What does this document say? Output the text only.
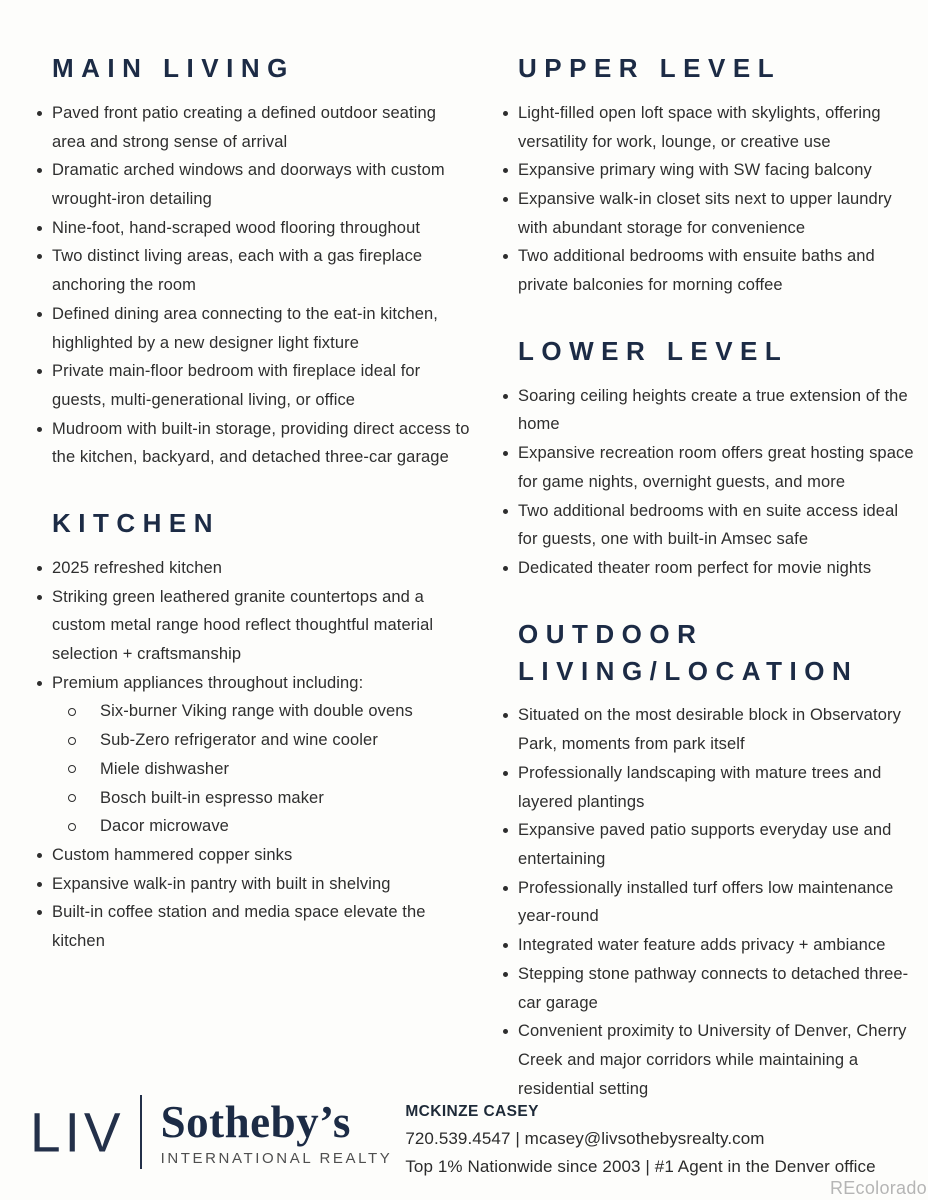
MAIN LIVING
Paved front patio creating a defined outdoor seating area and strong sense of arrival
Dramatic arched windows and doorways with custom wrought-iron detailing
Nine-foot, hand-scraped wood flooring throughout
Two distinct living areas, each with a gas fireplace anchoring the room
Defined dining area connecting to the eat-in kitchen, highlighted by a new designer light fixture
Private main-floor bedroom with fireplace ideal for guests, multi-generational living, or office
Mudroom with built-in storage, providing direct access to the kitchen, backyard, and detached three-car garage
KITCHEN
2025 refreshed kitchen
Striking green leathered granite countertops and a custom metal range hood reflect thoughtful material selection + craftsmanship
Premium appliances throughout including:
Six-burner Viking range with double ovens
Sub-Zero refrigerator and wine cooler
Miele dishwasher
Bosch built-in espresso maker
Dacor microwave
Custom hammered copper sinks
Expansive walk-in pantry with built in shelving
Built-in coffee station and media space elevate the kitchen
UPPER LEVEL
Light-filled open loft space with skylights, offering versatility for work, lounge, or creative use
Expansive primary wing with SW facing balcony
Expansive walk-in closet sits next to upper laundry with abundant storage for convenience
Two additional bedrooms with ensuite baths and private balconies for morning coffee
LOWER LEVEL
Soaring ceiling heights create a true extension of the home
Expansive recreation room offers great hosting space for game nights, overnight guests, and more
Two additional bedrooms with en suite access ideal for guests, one with built-in Amsec safe
Dedicated theater room perfect for movie nights
OUTDOOR LIVING/LOCATION
Situated on the most desirable block in Observatory Park, moments from park itself
Professionally landscaping with mature trees and layered plantings
Expansive paved patio supports everyday use and entertaining
Professionally installed turf offers low maintenance year-round
Integrated water feature adds privacy + ambiance
Stepping stone pathway connects to detached three-car garage
Convenient proximity to University of Denver, Cherry Creek and major corridors while maintaining a residential setting
LIV Sotheby’s
INTERNATIONAL REALTY
MCKINZE CASEY
720.539.4547 | mcasey@livsothebysrealty.com
Top 1% Nationwide since 2003 | #1 Agent in the Denver office
REcolorado
